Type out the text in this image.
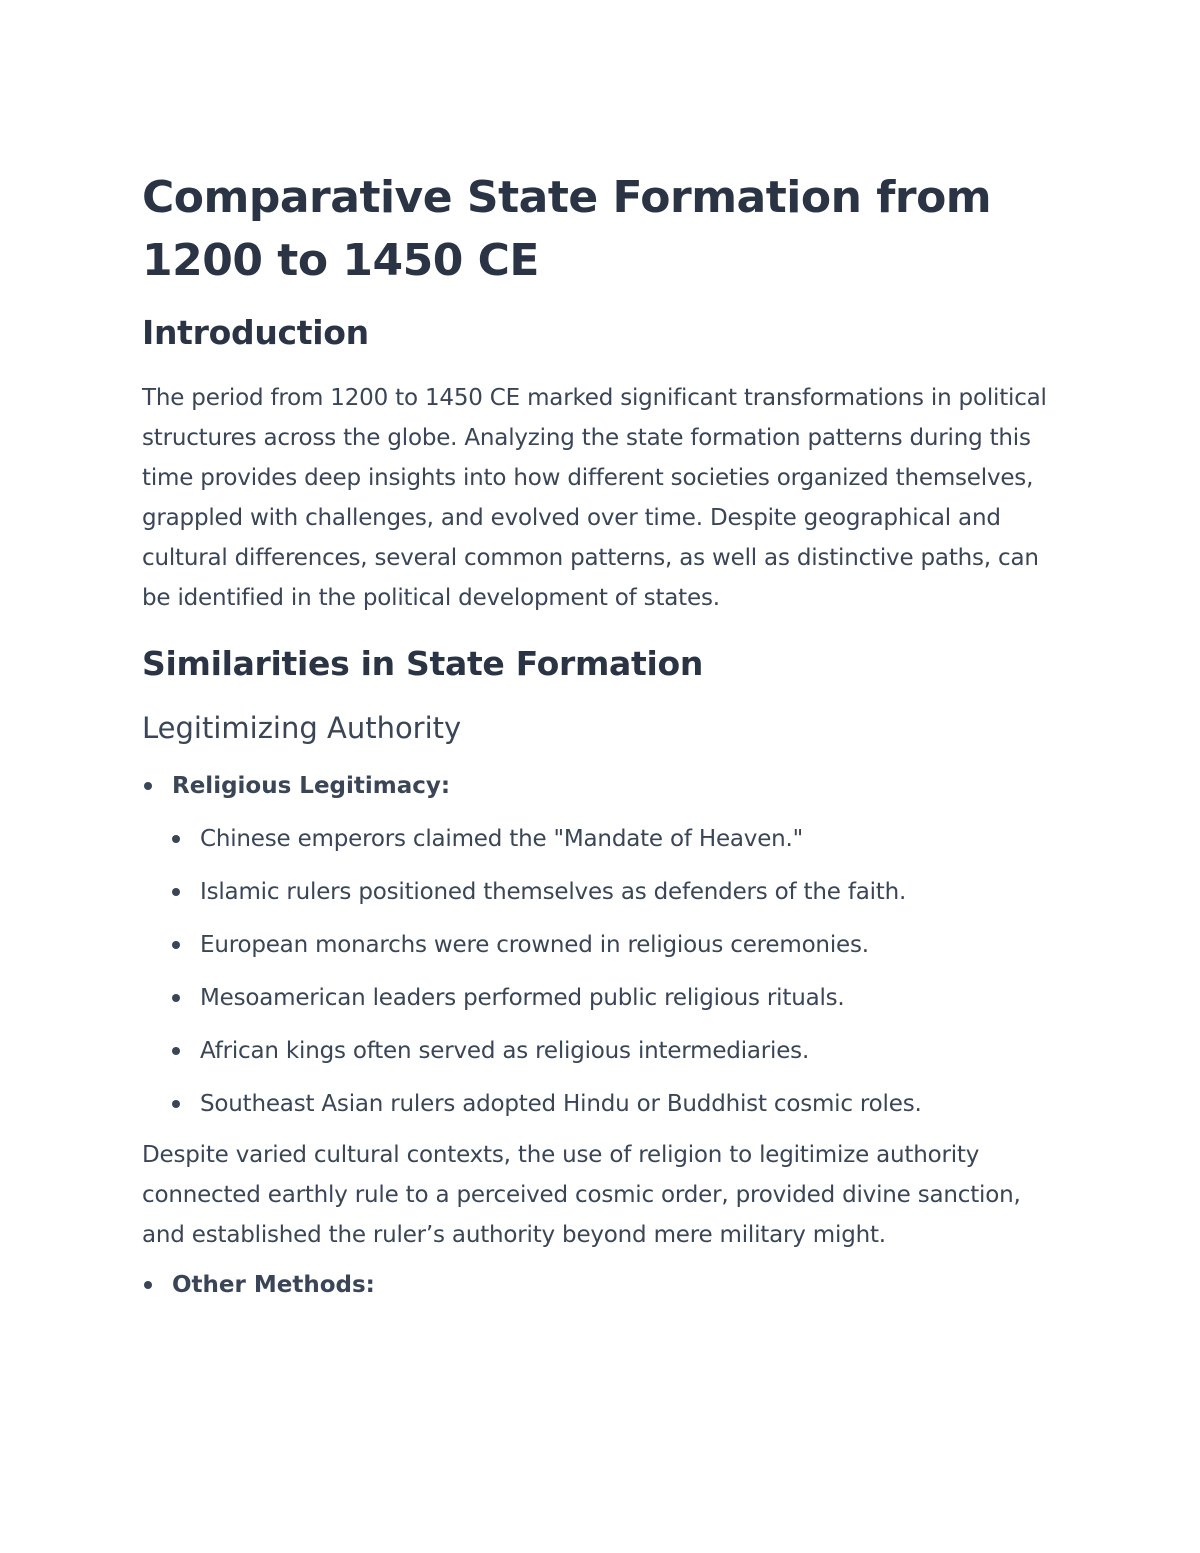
Comparative State Formation from 1200 to 1450 CE
Introduction

The period from 1200 to 1450 CE marked significant transformations in political structures across the globe. Analyzing the state formation patterns during this time provides deep insights into how different societies organized themselves, grappled with challenges, and evolved over time. Despite geographical and cultural differences, several common patterns, as well as distinctive paths, can be identified in the political development of states.

Similarities in State Formation
Legitimizing Authority
Religious Legitimacy:
Chinese emperors claimed the "Mandate of Heaven."
Islamic rulers positioned themselves as defenders of the faith.
European monarchs were crowned in religious ceremonies.
Mesoamerican leaders performed public religious rituals.
African kings often served as religious intermediaries.
Southeast Asian rulers adopted Hindu or Buddhist cosmic roles.

Despite varied cultural contexts, the use of religion to legitimize authority connected earthly rule to a perceived cosmic order, provided divine sanction, and established the ruler’s authority beyond mere military might.

Other Methods:
